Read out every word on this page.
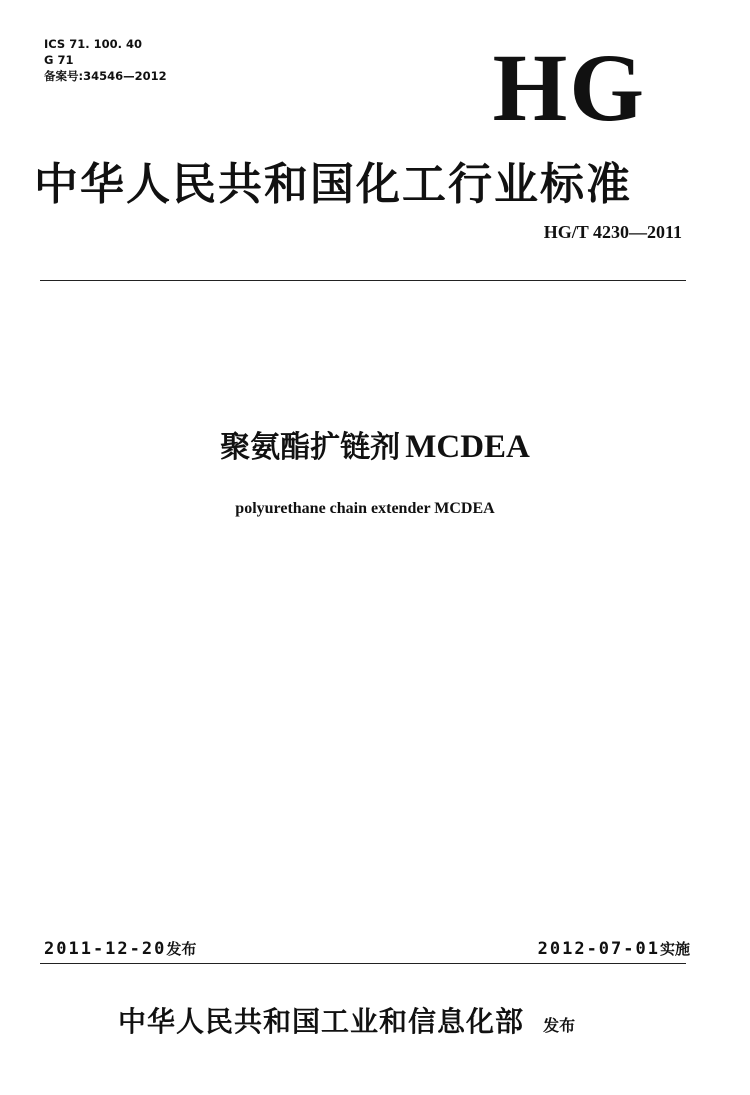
ICS 71. 100. 40
G 71
备案号:34546—2012	HG
中华人民共和国化工行业标准
HG/T 4230—2011
聚氨酯扩链剂 MCDEA
polyurethane chain extender MCDEA
2011-12-20发布	2012-07-01实施
中华人民共和国工业和信息化部 发布
